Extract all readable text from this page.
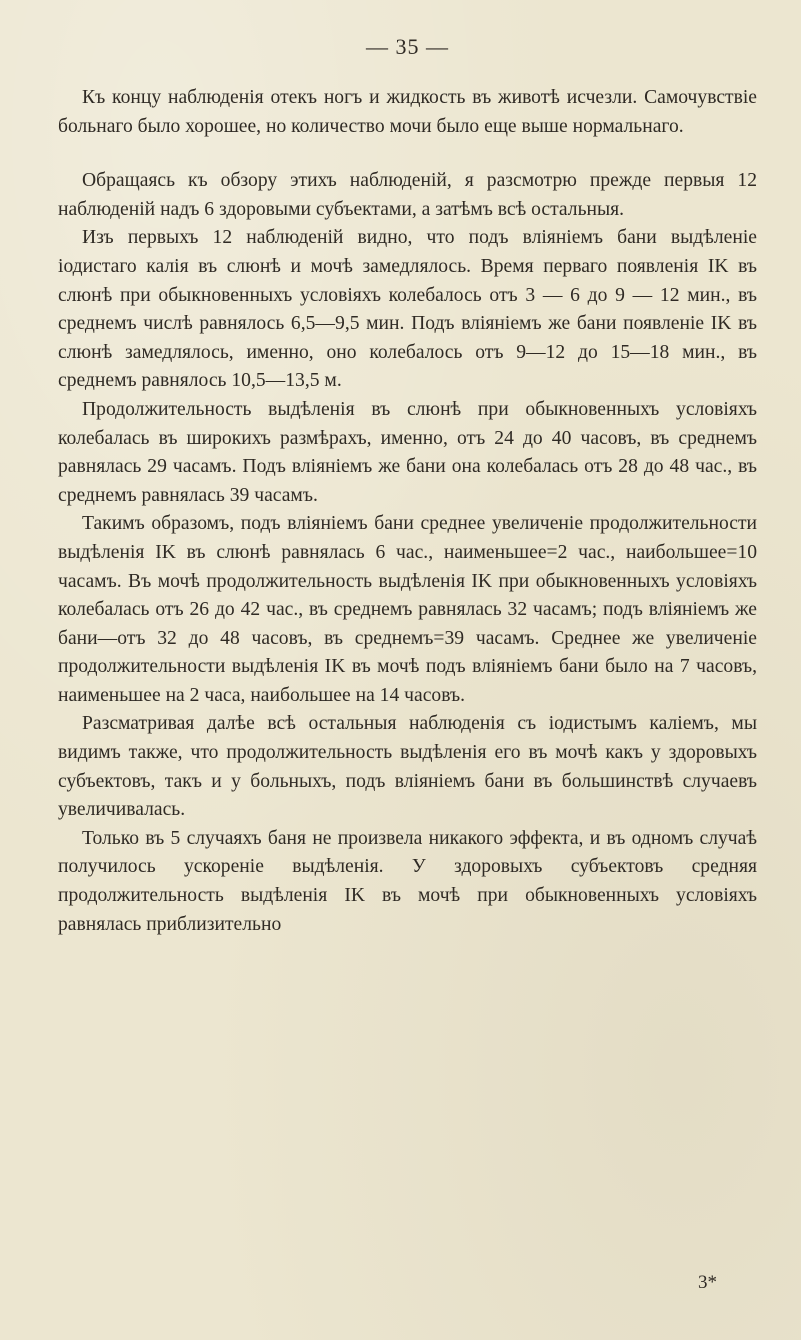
— 35 —

Къ концу наблюденія отекъ ногъ и жидкость въ животѣ исчезли. Самочувствіе больнаго было хорошее, но количество мочи было еще выше нормальнаго.

Обращаясь къ обзору этихъ наблюденій, я разсмотрю прежде первыя 12 наблюденій надъ 6 здоровыми субъектами, а затѣмъ всѣ остальныя.

Изъ первыхъ 12 наблюденій видно, что подъ вліяніемъ бани выдѣленіе іодистаго калія въ слюнѣ и мочѣ замедлялось. Время перваго появленія IK въ слюнѣ при обыкновенныхъ условіяхъ колебалось отъ 3 — 6 до 9 — 12 мин., въ среднемъ числѣ равнялось 6,5—9,5 мин. Подъ вліяніемъ же бани появленіе IK въ слюнѣ замедлялось, именно, оно колебалось отъ 9—12 до 15—18 мин., въ среднемъ равнялось 10,5—13,5 м.

Продолжительность выдѣленія въ слюнѣ при обыкновенныхъ условіяхъ колебалась въ широкихъ размѣрахъ, именно, отъ 24 до 40 часовъ, въ среднемъ равнялась 29 часамъ. Подъ вліяніемъ же бани она колебалась отъ 28 до 48 час., въ среднемъ равнялась 39 часамъ.

Такимъ образомъ, подъ вліяніемъ бани среднее увеличеніе продолжительности выдѣленія IK въ слюнѣ равнялась 6 час., наименьшее=2 час., наибольшее=10 часамъ. Въ мочѣ продолжительность выдѣленія IK при обыкновенныхъ условіяхъ колебалась отъ 26 до 42 час., въ среднемъ равнялась 32 часамъ; подъ вліяніемъ же бани—отъ 32 до 48 часовъ, въ среднемъ=39 часамъ. Среднее же увеличеніе продолжительности выдѣленія IK въ мочѣ подъ вліяніемъ бани было на 7 часовъ, наименьшее на 2 часа, наибольшее на 14 часовъ.

Разсматривая далѣе всѣ остальныя наблюденія съ іодистымъ каліемъ, мы видимъ также, что продолжительность выдѣленія его въ мочѣ какъ у здоровыхъ субъектовъ, такъ и у больныхъ, подъ вліяніемъ бани въ большинствѣ случаевъ увеличивалась.

Только въ 5 случаяхъ баня не произвела никакого эффекта, и въ одномъ случаѣ получилось ускореніе выдѣленія. У здоровыхъ субъектовъ средняя продолжительность выдѣленія IK въ мочѣ при обыкновенныхъ условіяхъ равнялась приблизительно

3*
